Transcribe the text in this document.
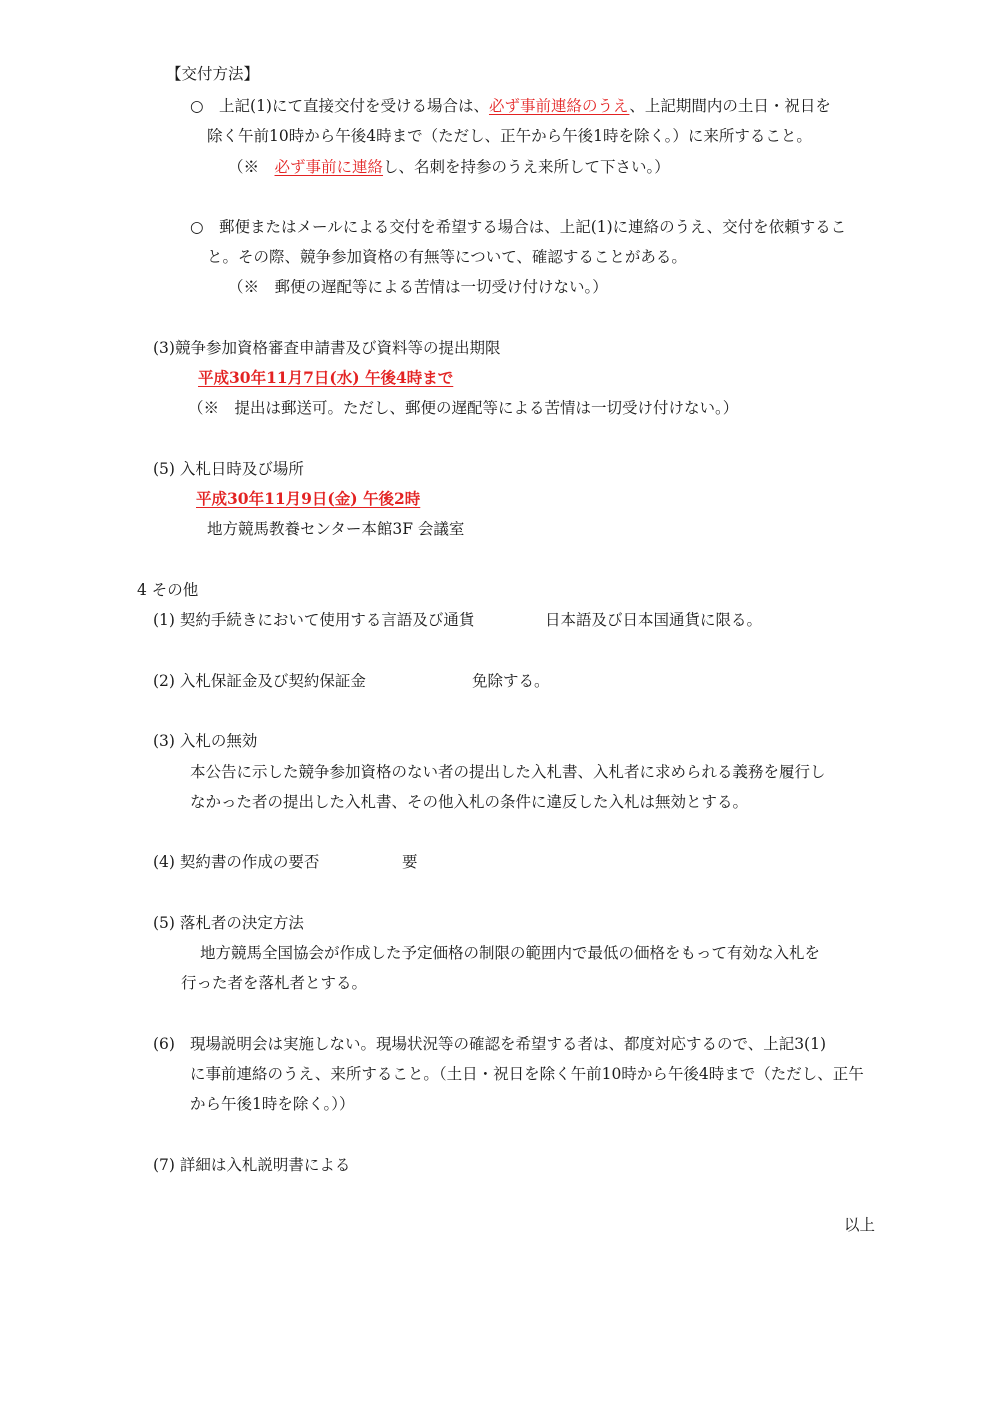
【交付方法】

○　上記(1)にて直接交付を受ける場合は、必ず事前連絡のうえ、上記期間内の土日・祝日を

除く午前10時から午後4時まで（ただし、正午から午後1時を除く。）に来所すること。

（※　必ず事前に連絡し、名刺を持参のうえ来所して下さい。）

○　郵便またはメールによる交付を希望する場合は、上記(1)に連絡のうえ、交付を依頼するこ

と。その際、競争参加資格の有無等について、確認することがある。

（※　郵便の遅配等による苦情は一切受け付けない。）

(3)競争参加資格審査申請書及び資料等の提出期限

平成30年11月7日(水) 午後4時まで

（※　提出は郵送可。ただし、郵便の遅配等による苦情は一切受け付けない。）

(5) 入札日時及び場所

平成30年11月9日(金) 午後2時

地方競馬教養センター本館3F 会議室

4 その他

(1) 契約手続きにおいて使用する言語及び通貨	日本語及び日本国通貨に限る。

(2) 入札保証金及び契約保証金	免除する。

(3) 入札の無効

本公告に示した競争参加資格のない者の提出した入札書、入札者に求められる義務を履行し

なかった者の提出した入札書、その他入札の条件に違反した入札は無効とする。

(4) 契約書の作成の要否	要

(5) 落札者の決定方法

地方競馬全国協会が作成した予定価格の制限の範囲内で最低の価格をもって有効な入札を

行った者を落札者とする。

(6) 現場説明会は実施しない。現場状況等の確認を希望する者は、都度対応するので、上記3(1)

に事前連絡のうえ、来所すること。（土日・祝日を除く午前10時から午後4時まで（ただし、正午

から午後1時を除く。））

(7) 詳細は入札説明書による

以上
